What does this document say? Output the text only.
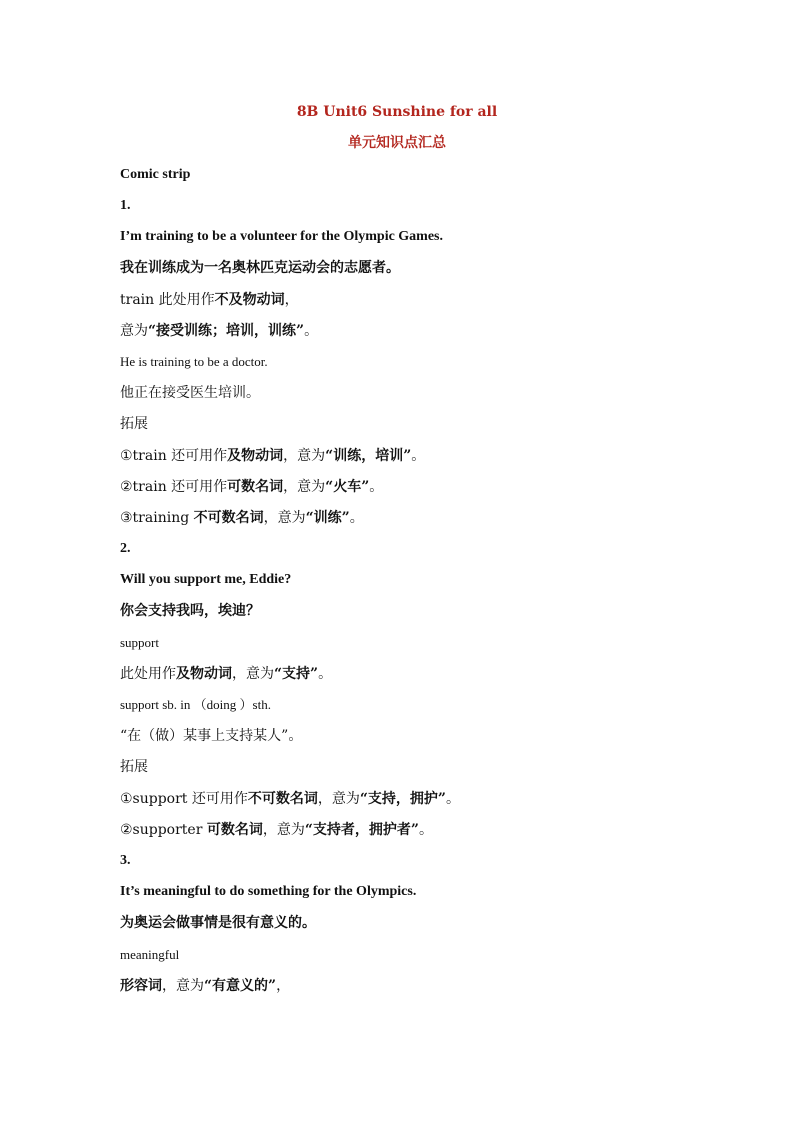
8B Unit6 Sunshine for all
单元知识点汇总
Comic strip
1.
I’m training to be a volunteer for the Olympic Games.
我在训练成为一名奥林匹克运动会的志愿者。
train 此处用作不及物动词，
意为“接受训练；培训，训练”。
He is training to be a doctor.
他正在接受医生培训。
拓展
①train 还可用作及物动词，意为“训练，培训”。
②train 还可用作可数名词，意为“火车”。
③training 不可数名词，意为“训练”。
2.
Will you support me, Eddie?
你会支持我吗，埃迪？
support
此处用作及物动词，意为“支持”。
support sb. in （doing ）sth.
“在（做）某事上支持某人”。
拓展
①support 还可用作不可数名词，意为“支持，拥护”。
②supporter 可数名词，意为“支持者，拥护者”。
3.
It’s meaningful to do something for the Olympics.
为奥运会做事情是很有意义的。
meaningful
形容词，意为“有意义的”，
